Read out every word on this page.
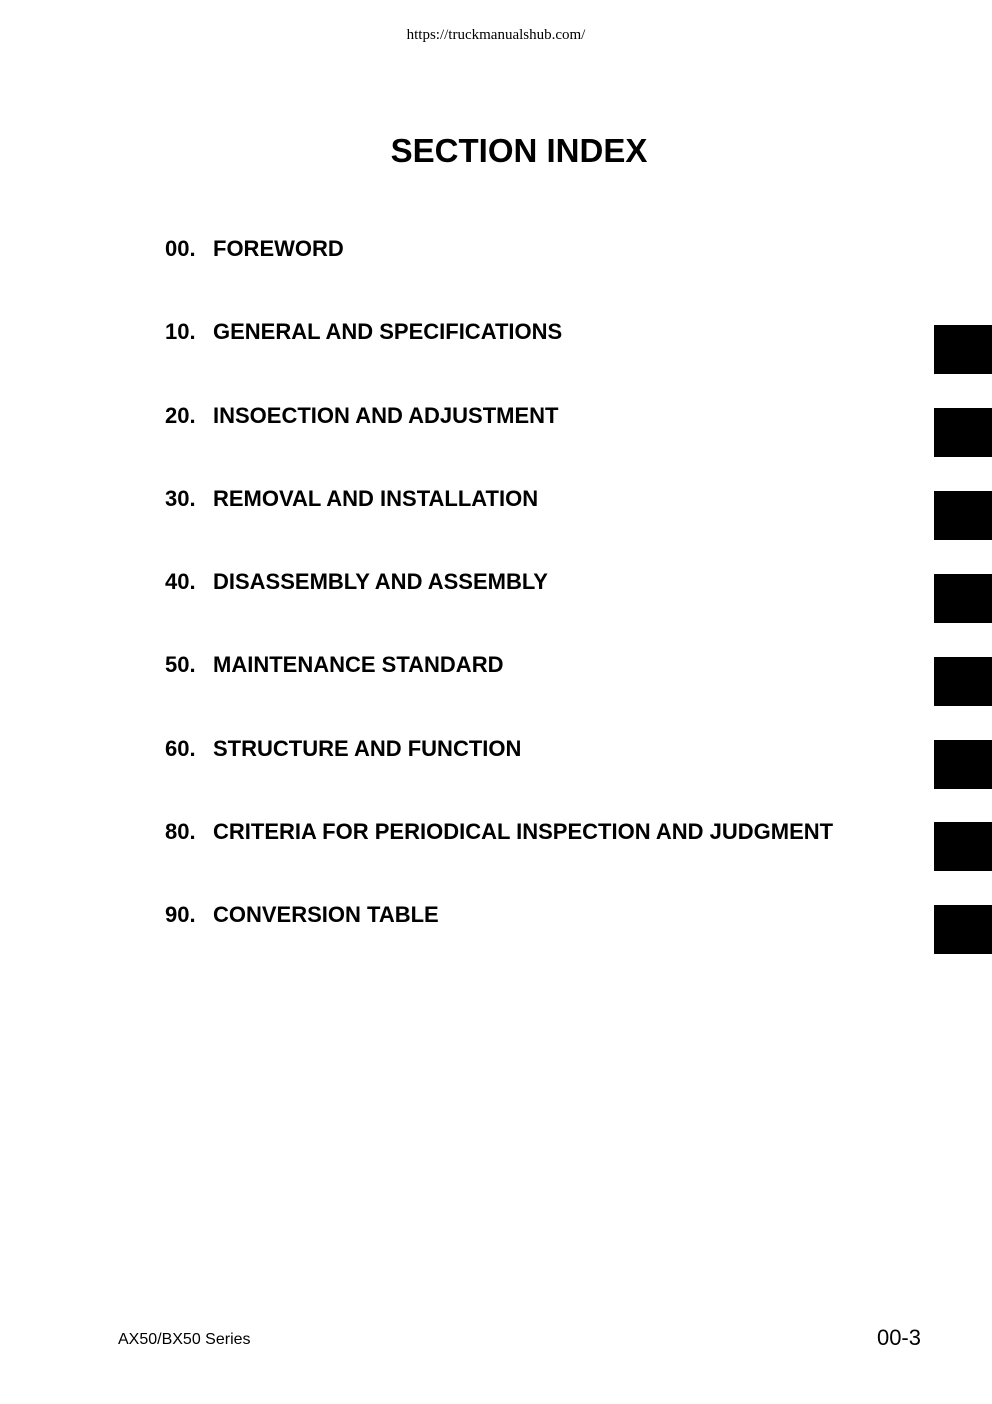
https://truckmanualshub.com/
SECTION INDEX
00. FOREWORD
10. GENERAL AND SPECIFICATIONS
20. INSOECTION AND ADJUSTMENT
30. REMOVAL AND INSTALLATION
40. DISASSEMBLY AND ASSEMBLY
50. MAINTENANCE STANDARD
60. STRUCTURE AND FUNCTION
80. CRITERIA FOR PERIODICAL INSPECTION AND JUDGMENT
90. CONVERSION TABLE
AX50/BX50 Series	00-3
